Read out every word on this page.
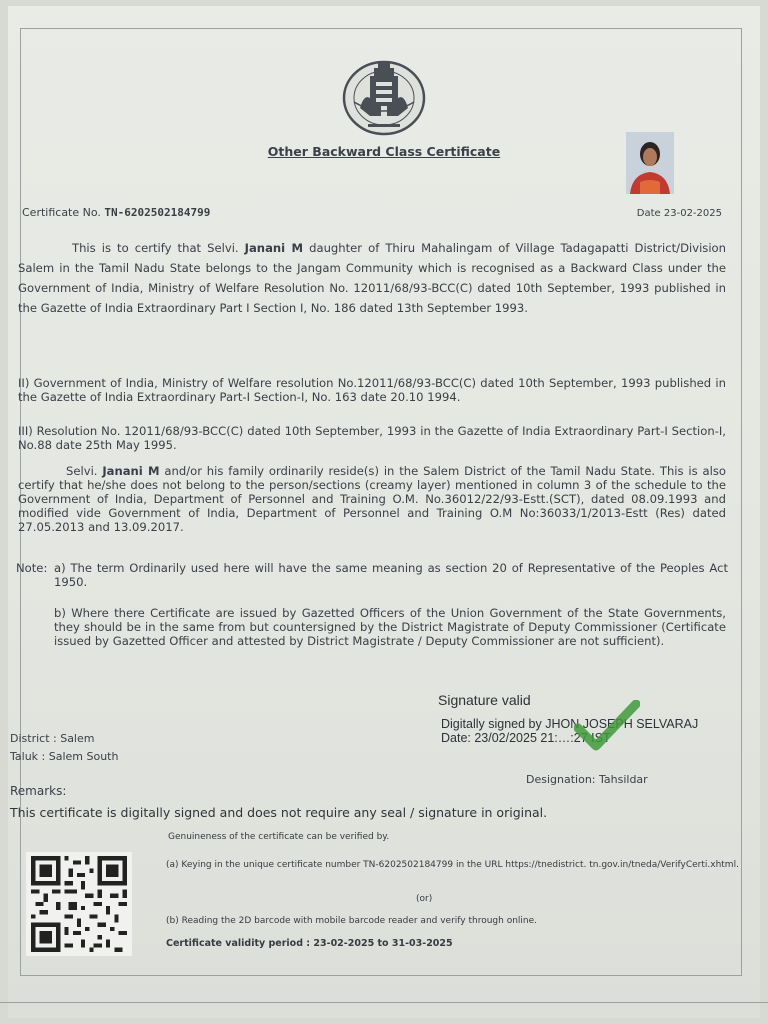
Other Backward Class Certificate
Certificate No. TN-6202502184799	Date 23-02-2025
This is to certify that Selvi. Janani M daughter of Thiru Mahalingam of Village Tadagapatti District/Division Salem in the Tamil Nadu State belongs to the Jangam Community which is recognised as a Backward Class under the Government of India, Ministry of Welfare Resolution No. 12011/68/93-BCC(C) dated 10th September, 1993 published in the Gazette of India Extraordinary Part I Section I, No. 186 dated 13th September 1993.
II) Government of India, Ministry of Welfare resolution No.12011/68/93-BCC(C) dated 10th September, 1993 published in the Gazette of India Extraordinary Part-I Section-I, No. 163 date 20.10 1994.
III) Resolution No. 12011/68/93-BCC(C) dated 10th September, 1993 in the Gazette of India Extraordinary Part-I Section-I, No.88 date 25th May 1995.
Selvi. Janani M and/or his family ordinarily reside(s) in the Salem District of the Tamil Nadu State. This is also certify that he/she does not belong to the person/sections (creamy layer) mentioned in column 3 of the schedule to the Government of India, Department of Personnel and Training O.M. No.36012/22/93-Estt.(SCT), dated 08.09.1993 and modified vide Government of India, Department of Personnel and Training O.M No:36033/1/2013-Estt (Res) dated 27.05.2013 and 13.09.2017.
Note: a) The term Ordinarily used here will have the same meaning as section 20 of Representative of the Peoples Act 1950.
b) Where there Certificate are issued by Gazetted Officers of the Union Government of the State Governments, they should be in the same from but countersigned by the District Magistrate of Deputy Commissioner (Certificate issued by Gazetted Officer and attested by District Magistrate / Deputy Commissioner are not sufficient).
Signature valid
Digitally signed by JHON JOSEPH SELVARAJ
Date: 23/02/2025 21:…:27 IST
District : Salem
Taluk : Salem South
Designation: Tahsildar
Remarks:
This certificate is digitally signed and does not require any seal / signature in original.
Genuineness of the certificate can be verified by.
(a) Keying in the unique certificate number TN-6202502184799 in the URL https://tnedistrict. tn.gov.in/tneda/VerifyCerti.xhtml.
(or)
(b) Reading the 2D barcode with mobile barcode reader and verify through online.
Certificate validity period : 23-02-2025 to 31-03-2025
